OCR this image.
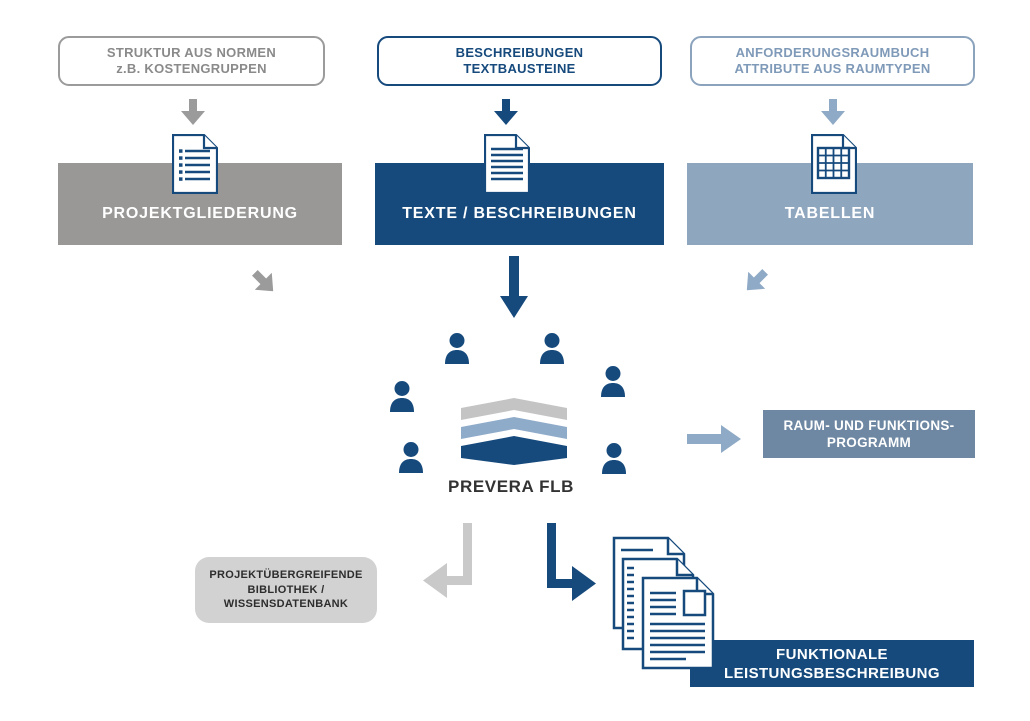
STRUKTUR AUS NORMEN
z.B. KOSTENGRUPPEN
BESCHREIBUNGEN
TEXTBAUSTEINE
ANFORDERUNGSRAUMBUCH
ATTRIBUTE AUS RAUMTYPEN
PROJEKTGLIEDERUNG	TEXTE / BESCHREIBUNGEN	TABELLEN
PREVERA FLB
RAUM- UND FUNKTIONS-
PROGRAMM
PROJEKTÜBERGREIFENDE
BIBLIOTHEK /
WISSENSDATENBANK
FUNKTIONALE
LEISTUNGSBESCHREIBUNG
